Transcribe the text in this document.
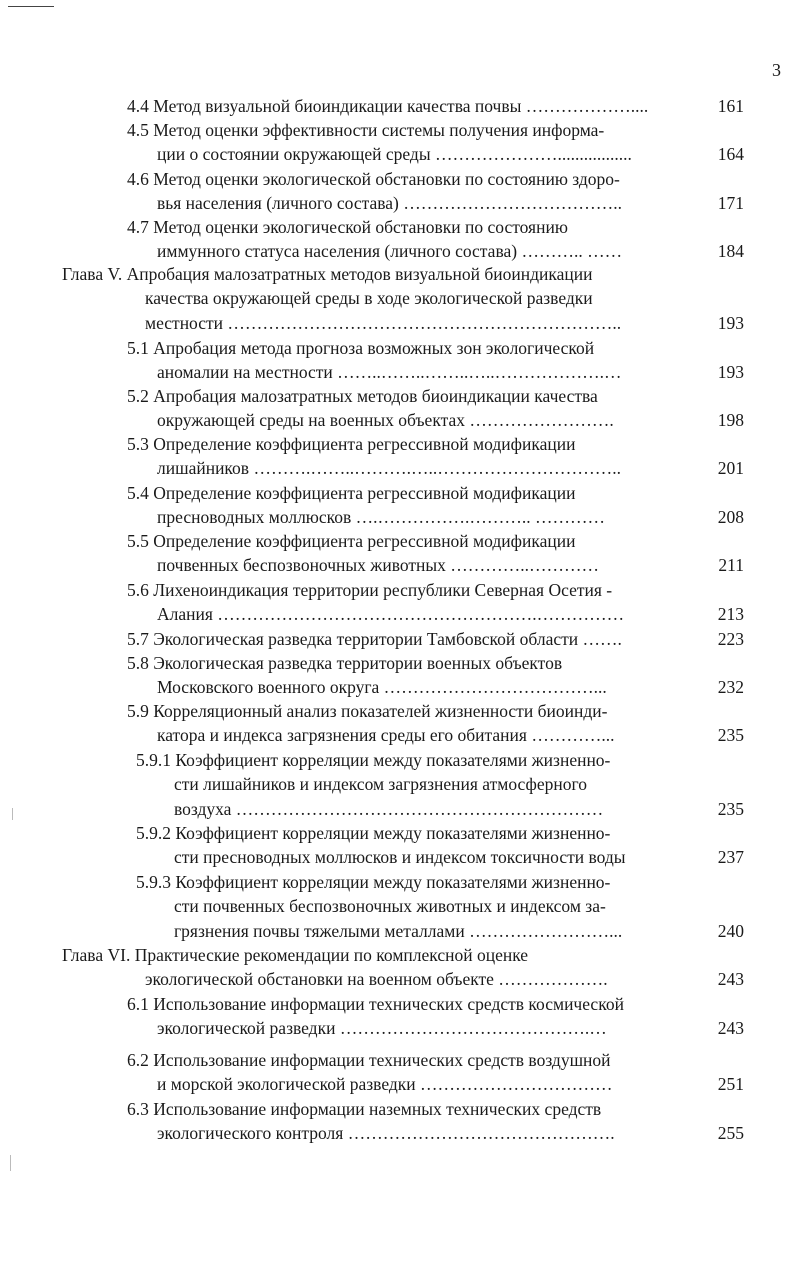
3
4.4 Метод визуальной биоиндикации качества почвы ………………....	161
4.5 Метод оценки эффективности системы получения информа-
ции о состоянии окружающей среды ………………….................	164
4.6 Метод оценки экологической обстановки по состоянию здоро-
вья населения (личного состава) ………………………………..	171
4.7 Метод оценки экологической обстановки по состоянию
иммунного статуса населения (личного состава) ……….. ……	184
Глава V. Апробация малозатратных методов визуальной биоиндикации
качества окружающей среды в ходе экологической разведки
местности …………………………………………………………..	193
5.1 Апробация метода прогноза возможных зон экологической
аномалии на местности ……..……..……..…..……………….…	193
5.2 Апробация малозатратных методов биоиндикации качества
окружающей среды на военных объектах …………………….	198
5.3 Определение коэффициента регрессивной модификации
лишайников ……….……..……….…..…………………………..	201
5.4 Определение коэффициента регрессивной модификации
пресноводных моллюсков ….…………….……….. …………	208
5.5 Определение коэффициента регрессивной модификации
почвенных беспозвоночных животных …………..…………	211
5.6 Лихеноиндикация территории республики Северная Осетия -
Алания ……………………………………………….……………	213
5.7 Экологическая разведка территории Тамбовской области …….	223
5.8 Экологическая разведка территории военных объектов
Московского военного округа ………………………………...	232
5.9 Корреляционный анализ показателей жизненности биоинди-
катора и индекса загрязнения среды его обитания …………...	235
5.9.1 Коэффициент корреляции между показателями жизненно-
сти лишайников и индексом загрязнения атмосферного
воздуха ………………………………………………………	235
5.9.2 Коэффициент корреляции между показателями жизненно-
сти пресноводных моллюсков и индексом токсичности воды	237
5.9.3 Коэффициент корреляции между показателями жизненно-
сти почвенных беспозвоночных животных и индексом за-
грязнения почвы тяжелыми металлами ……………………...	240
Глава VI. Практические рекомендации по комплексной оценке
экологической обстановки на военном объекте ……………….	243
6.1 Использование информации технических средств космической
экологической разведки …………………………………….…	243
6.2 Использование информации технических средств воздушной
и морской экологической разведки ……………………………	251
6.3 Использование информации наземных технических средств
экологического контроля ……………………………………….	255
